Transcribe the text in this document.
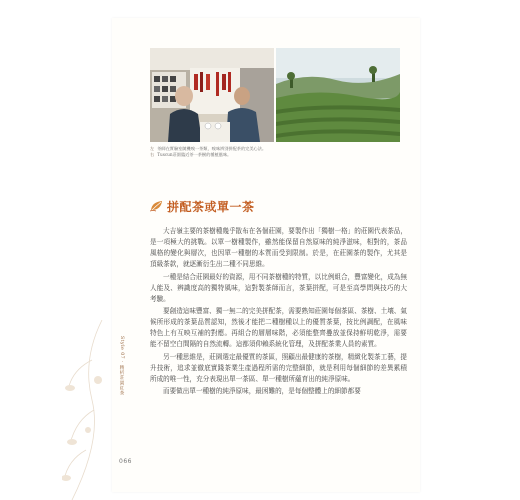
左 茶師在實驗室隨機嗅一茶類，嗅味辨別拼配茶的完美心法。
右 Tuscun莊園臨近茶一茶樹的種植風味。
拼配茶或單一茶

大吉嶺主要的茶樹種幾乎散布在各個莊園，要製作出「獨樹一格」的莊園代表茶品，是一項極大的挑戰。以單一樹種製作，雖然能保留自然原味的純淨滋味，相對的，茶品風格的變化與層次，也因單一種樹的本質而受到限制。於是，在莊園茶的製作，尤其是頂級茶款，就逐漸衍生出二種不同思維。

一種是結合莊園最好的資源，用不同茶樹種的特質，以比例組合，豐富變化，成為無人能及、辨識度高的獨特風味，這對製茶師而言，茶葉拼配，可是至高學問與技巧的大考驗。

要創造這味豐富、獨一無二的完美拼配茶，需要熟知莊園每個茶區、茶樹、土壤、氣候所形成的茶葉品質認知，然後才能把二種樹種以上的優質茶葉，按比例調配，在風味特色上有互映互補的對應。再組合的層層味階，必須能整齊疊放並保持鮮明乾淨，需要能不留空白間隔的自然流轉。這都須仰賴系統化管理，及拼配茶業人員的素質。

另一種思維是，莊園選定最優質的茶區，照顧出最健康的茶樹，精緻化製茶工藝，提升技術，追求並徹底實踐茶業生產過程所需的完整細節，就是利用每個細節的差異累積所成的唯一性，充分表現出單一茶區、單一種樹所蘊育出的純淨原味。

而要做出單一種樹的純淨原味，最困難的，是每個整體上的細節都要

Style 07 · 精析莊園紅茶
066
